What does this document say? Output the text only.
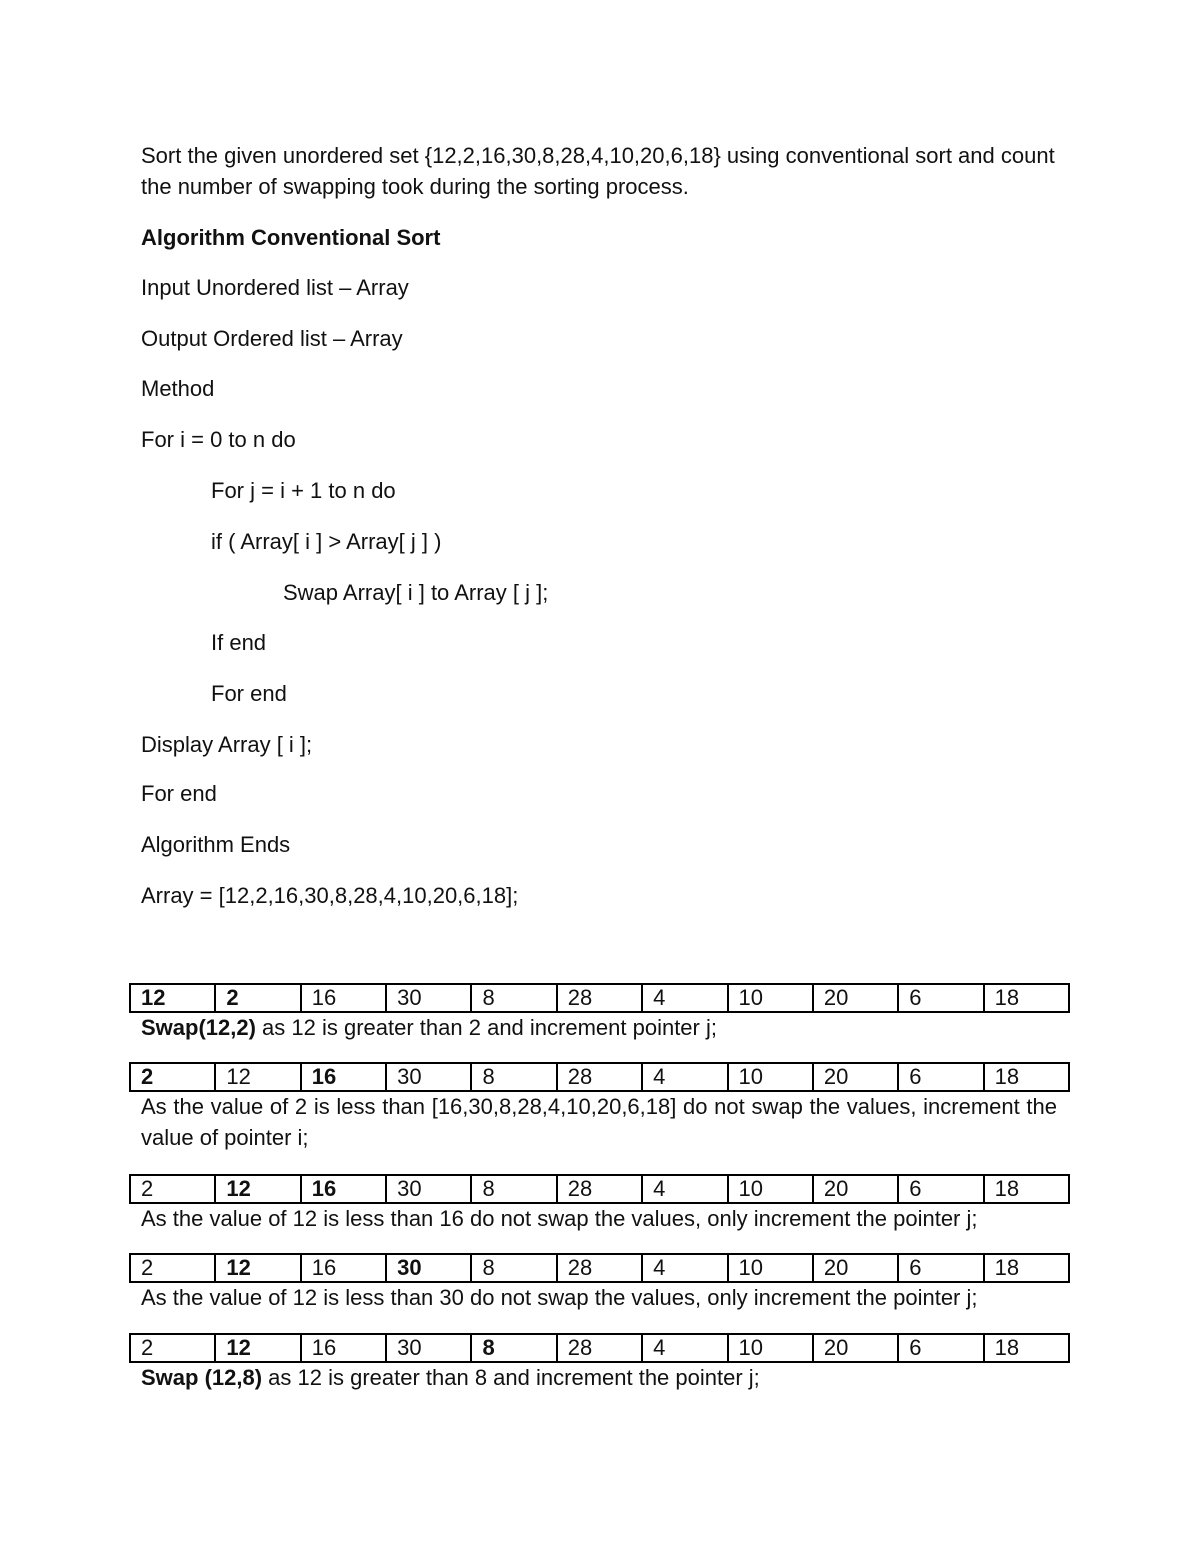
Sort the given unordered set {12,2,16,30,8,28,4,10,20,6,18} using conventional sort and count the number of swapping took during the sorting process.

Algorithm Conventional Sort

Input Unordered list – Array

Output Ordered list – Array

Method

For i = 0 to n do

For j = i + 1 to n do

if ( Array[ i ] > Array[ j ] )

Swap Array[ i ] to Array [ j ];

If end

For end

Display Array [ i ];

For end

Algorithm Ends

Array = [12,2,16,30,8,28,4,10,20,6,18];

12	2	16	30	8	28	4	10	20	6	18

Swap(12,2) as 12 is greater than 2 and increment pointer j;

2	12	16	30	8	28	4	10	20	6	18

As the value of 2 is less than [16,30,8,28,4,10,20,6,18] do not swap the values, increment the value of pointer i;

2	12	16	30	8	28	4	10	20	6	18

As the value of 12 is less than 16 do not swap the values, only increment the pointer j;

2	12	16	30	8	28	4	10	20	6	18

As the value of 12 is less than 30 do not swap the values, only increment the pointer j;

2	12	16	30	8	28	4	10	20	6	18

Swap (12,8) as 12 is greater than 8 and increment the pointer j;
